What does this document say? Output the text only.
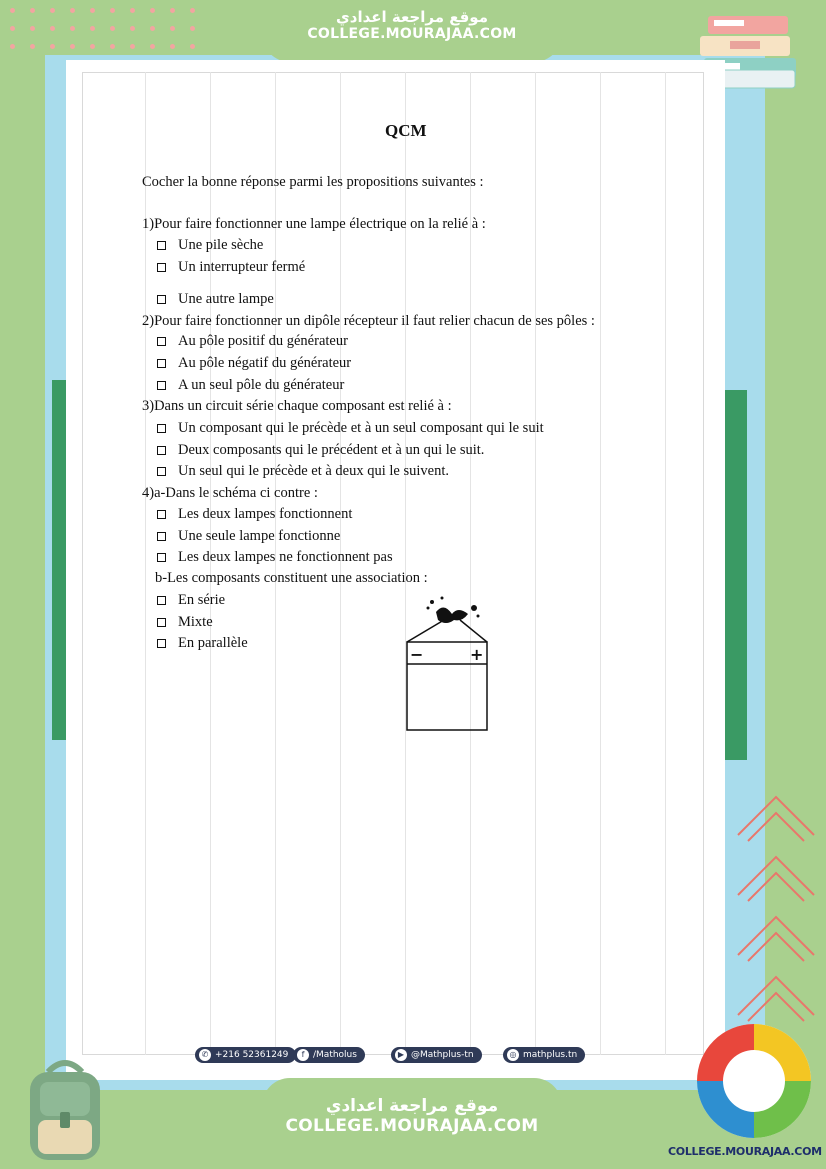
موقع مراجعة اعدادي
COLLEGE.MOURAJAA.COM
QCM
Cocher la bonne réponse parmi les propositions suivantes :
1)Pour faire fonctionner une lampe électrique on la relié à :
Une pile sèche
Un interrupteur fermé
Une autre lampe
2)Pour faire fonctionner un dipôle récepteur il faut relier chacun de ses pôles :
Au pôle positif du générateur
Au pôle négatif du générateur
A un seul pôle du générateur
3)Dans un circuit série chaque composant est relié à :
Un composant qui le précède et à un seul composant qui le suit
Deux composants qui le précédent et à un qui le suit.
Un seul qui le précède et à deux qui le suivent.
4)a-Dans le schéma ci contre :
Les deux lampes fonctionnent
Une seule lampe fonctionne
Les deux lampes ne fonctionnent pas
b-Les composants constituent une association :
En série
Mixte
En parallèle
−	+
✆ +216 52361249	f /Matholus	▶ @Mathplus-tn	◎ mathplus.tn
موقع مراجعة اعدادي
COLLEGE.MOURAJAA.COM
COLLEGE.MOURAJAA.COM
